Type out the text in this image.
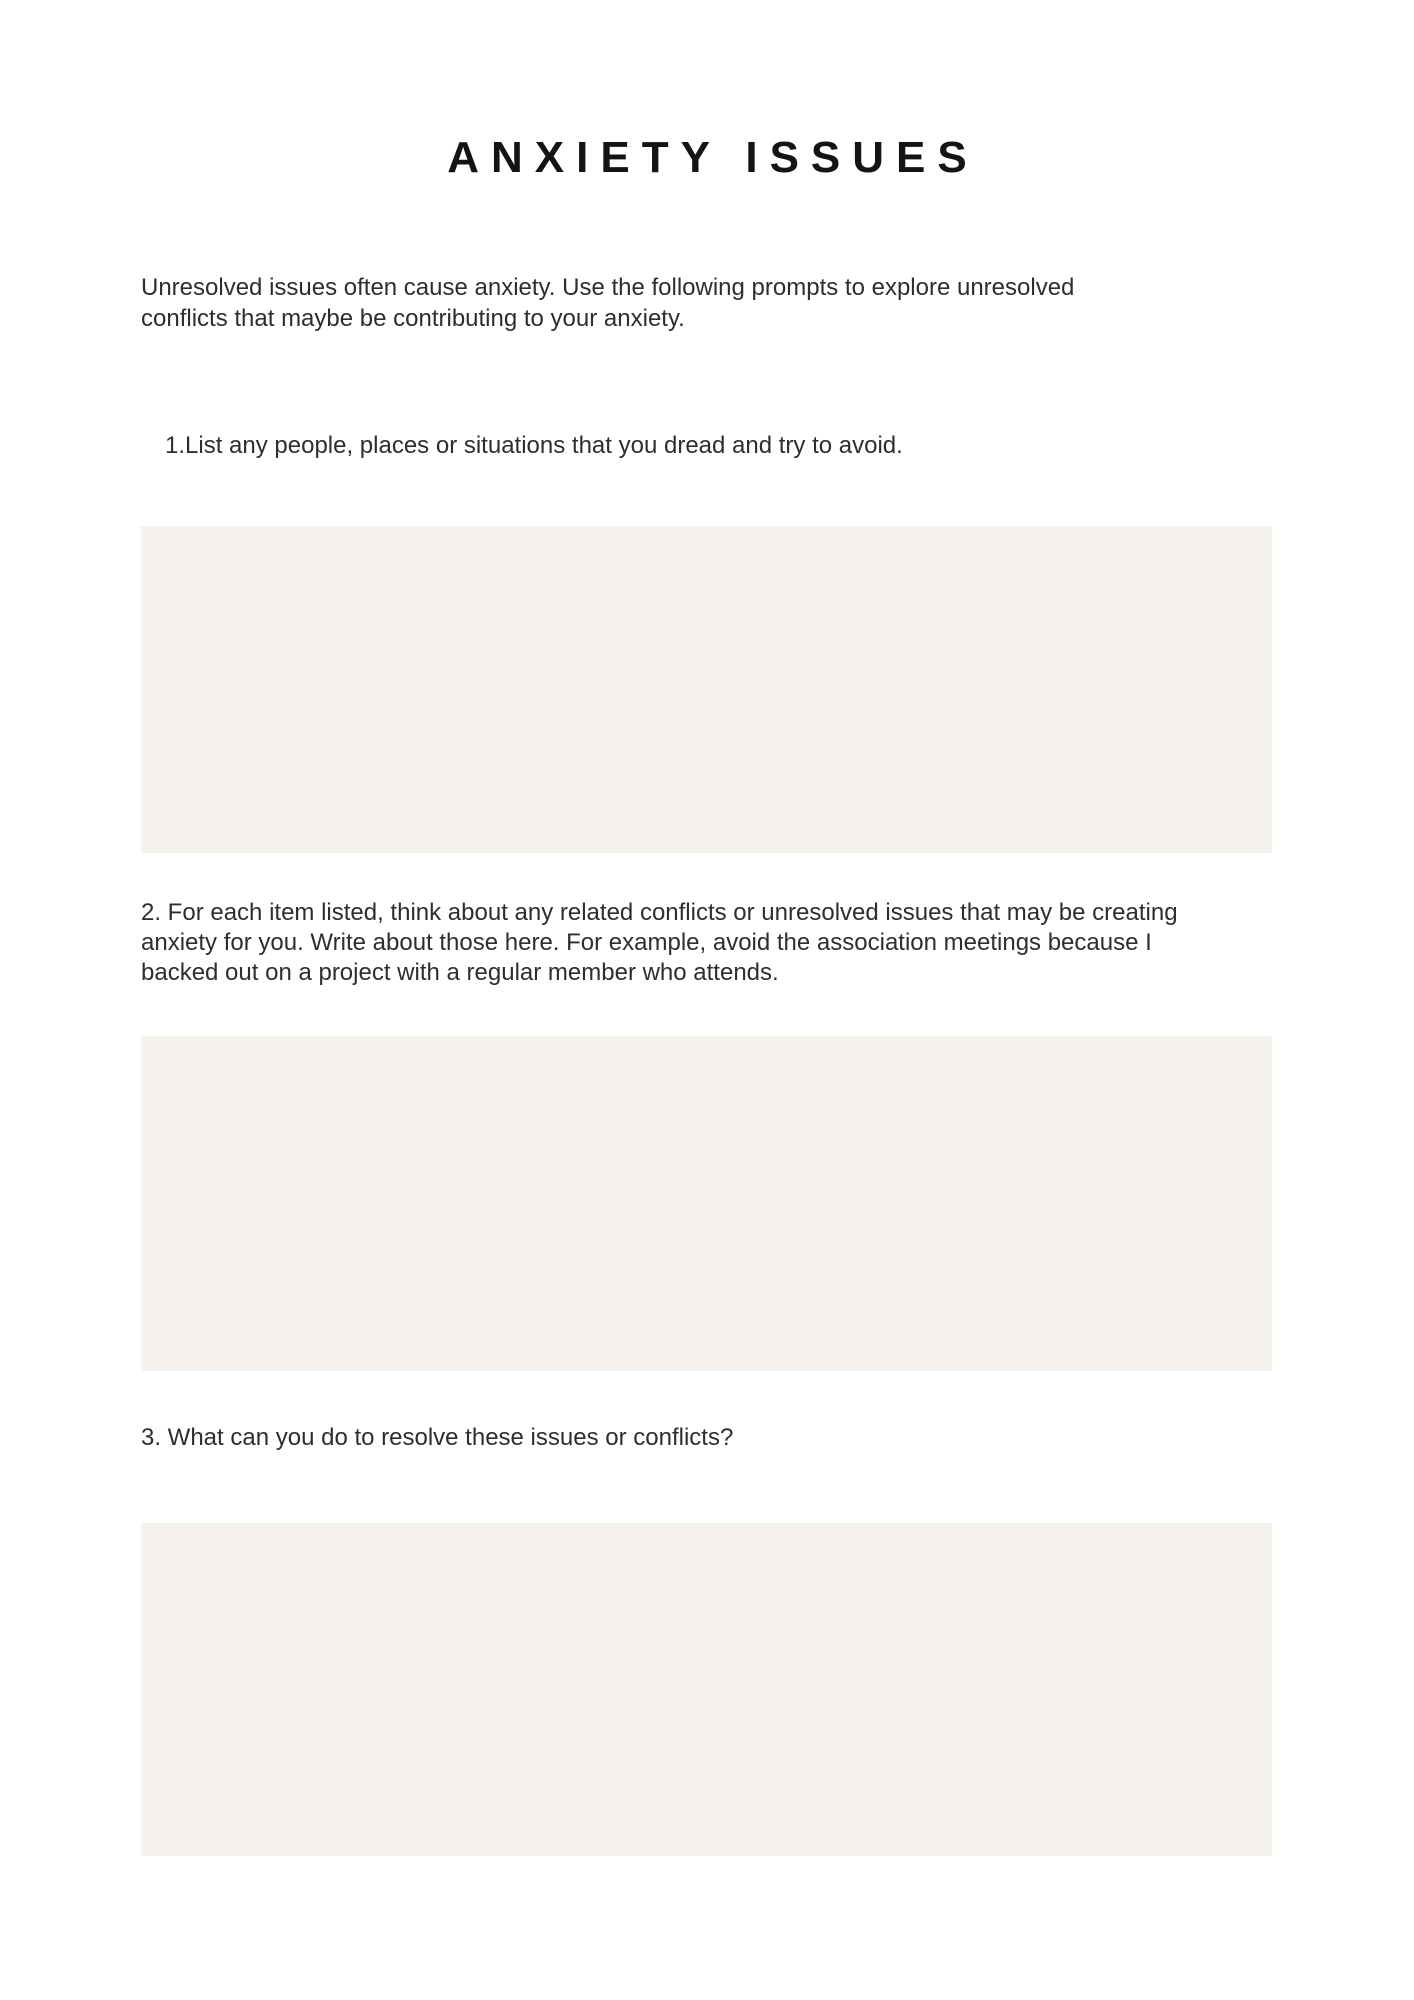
ANXIETY ISSUES

Unresolved issues often cause anxiety. Use the following prompts to explore unresolved conflicts that maybe be contributing to your anxiety.

1.List any people, places or situations that you dread and try to avoid.

2. For each item listed, think about any related conflicts or unresolved issues that may be creating anxiety for you. Write about those here. For example, avoid the association meetings because I backed out on a project with a regular member who attends.

3. What can you do to resolve these issues or conflicts?
